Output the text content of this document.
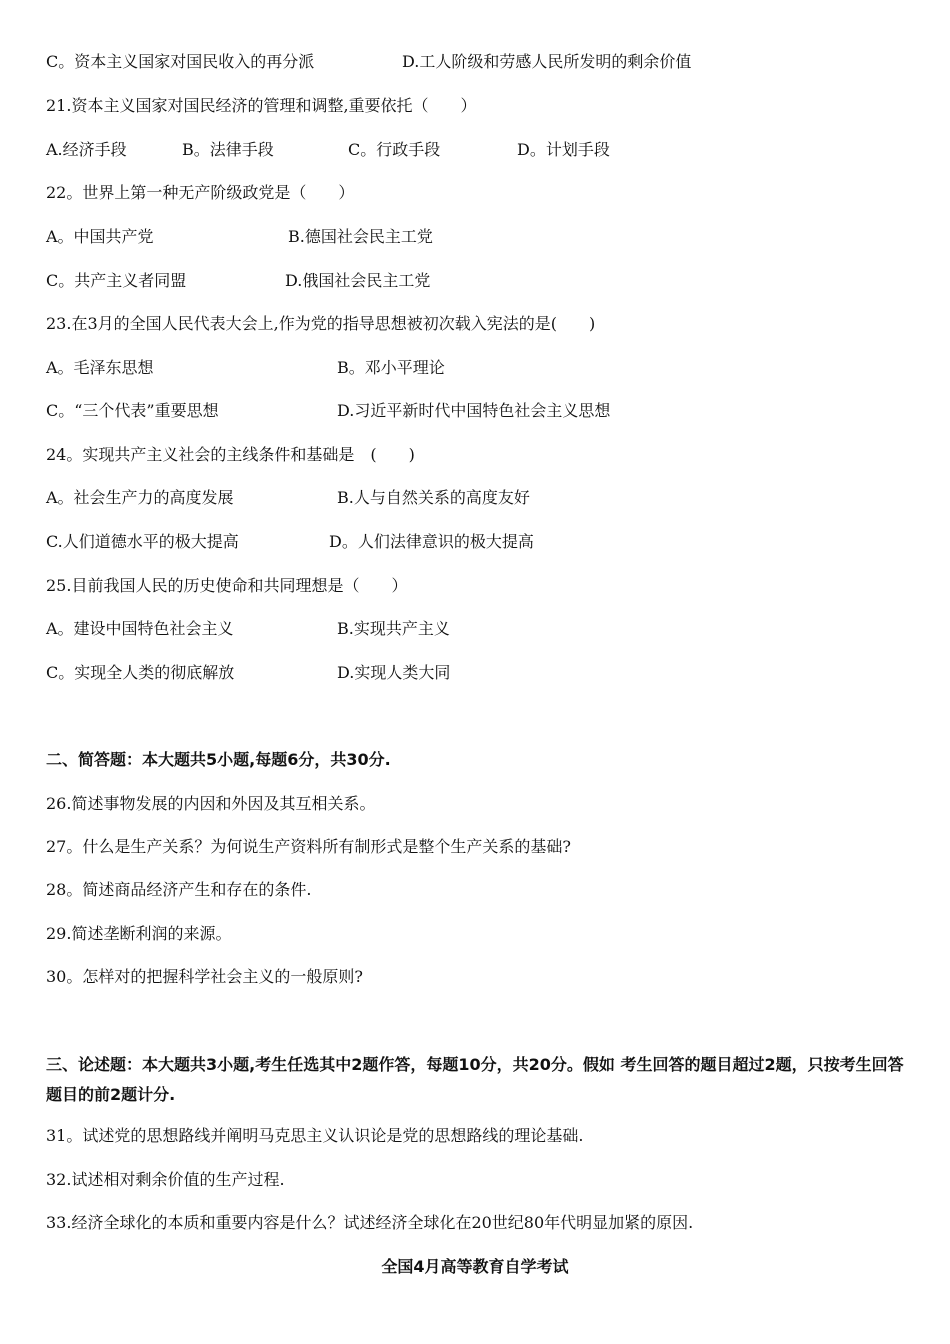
C。资本主义国家对国民收入的再分派	D.工人阶级和劳感人民所发明的剩余价值
21.资本主义国家对国民经济的管理和调整,重要依托（　　）
A.经济手段	B。法律手段	C。行政手段	D。计划手段
22。世界上第一种无产阶级政党是（　　）
A。中国共产党	B.德国社会民主工党
C。共产主义者同盟	D.俄国社会民主工党
23.在3月的全国人民代表大会上,作为党的指导思想被初次载入宪法的是(　　)
A。毛泽东思想	B。邓小平理论
C。“三个代表”重要思想	D.习近平新时代中国特色社会主义思想
24。实现共产主义社会的主线条件和基础是　(　　)
A。社会生产力的高度发展	B.人与自然关系的高度友好
C.人们道德水平的极大提高	D。人们法律意识的极大提高
25.目前我国人民的历史使命和共同理想是（　　）
A。建设中国特色社会主义	B.实现共产主义
C。实现全人类的彻底解放	D.实现人类大同
二、简答题：本大题共5小题,每题6分，共30分.
26.简述事物发展的内因和外因及其互相关系。
27。什么是生产关系？为何说生产资料所有制形式是整个生产关系的基础?
28。简述商品经济产生和存在的条件.
29.简述垄断利润的来源。
30。怎样对的把握科学社会主义的一般原则?
三、论述题：本大题共3小题,考生任选其中2题作答，每题10分，共20分。假如 考生回答的题目超过2题，只按考生回答题目的前2题计分.
31。试述党的思想路线并阐明马克思主义认识论是党的思想路线的理论基础.
32.试述相对剩余价值的生产过程.
33.经济全球化的本质和重要内容是什么？试述经济全球化在20世纪80年代明显加紧的原因.
全国4月高等教育自学考试
